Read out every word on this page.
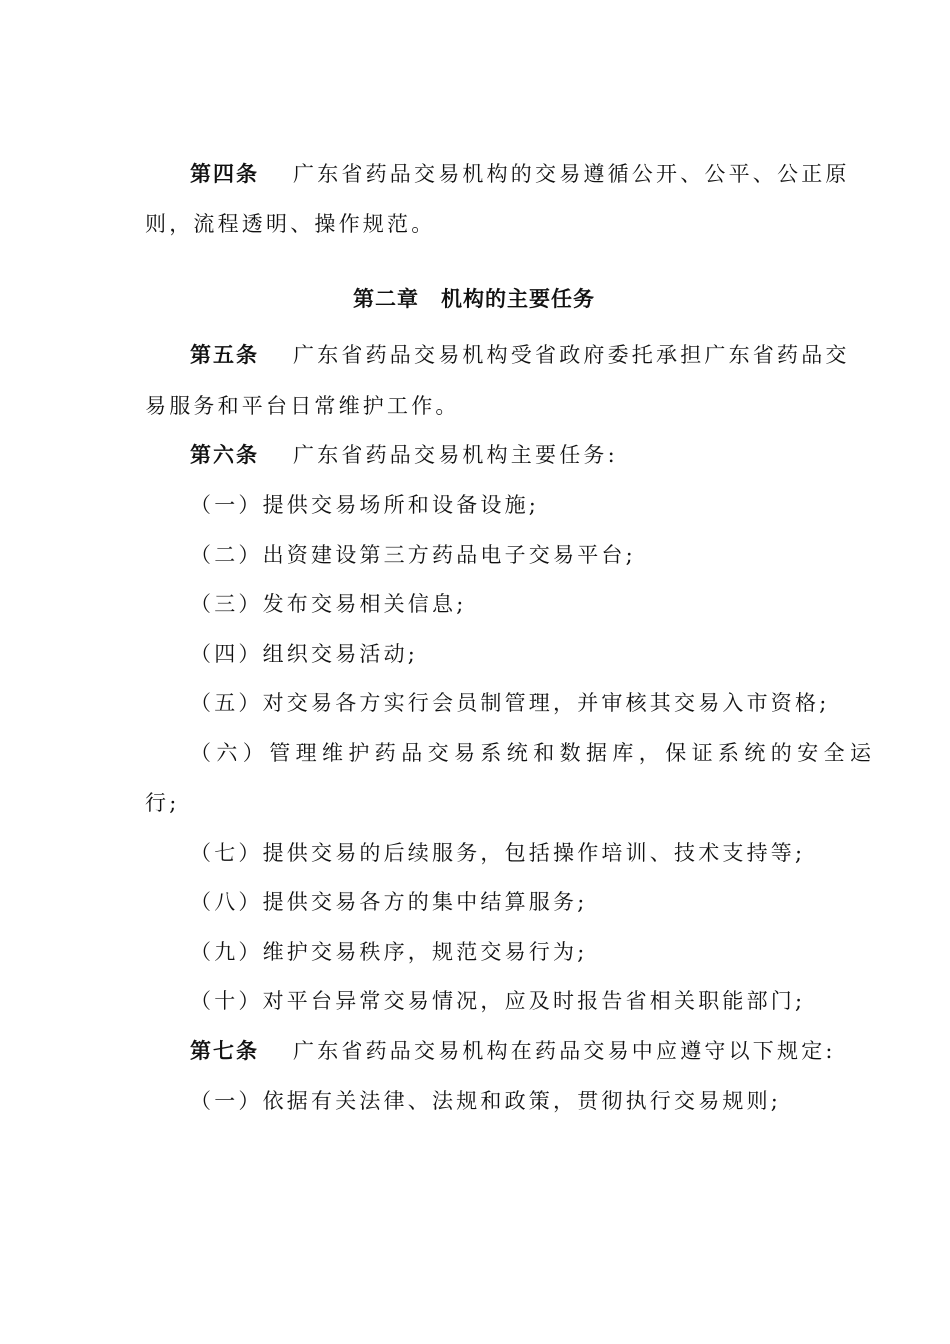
第四条 广东省药品交易机构的交易遵循公开、公平、公正原
则，流程透明、操作规范。
第二章 机构的主要任务
第五条 广东省药品交易机构受省政府委托承担广东省药品交
易服务和平台日常维护工作。
第六条 广东省药品交易机构主要任务:
（一）提供交易场所和设备设施;
（二）出资建设第三方药品电子交易平台;
（三）发布交易相关信息;
（四）组织交易活动;
（五）对交易各方实行会员制管理，并审核其交易入市资格;
（六）管理维护药品交易系统和数据库，保证系统的安全运
行;
（七）提供交易的后续服务，包括操作培训、技术支持等;
（八）提供交易各方的集中结算服务;
（九）维护交易秩序，规范交易行为;
（十）对平台异常交易情况，应及时报告省相关职能部门;
第七条 广东省药品交易机构在药品交易中应遵守以下规定:
（一）依据有关法律、法规和政策，贯彻执行交易规则;
